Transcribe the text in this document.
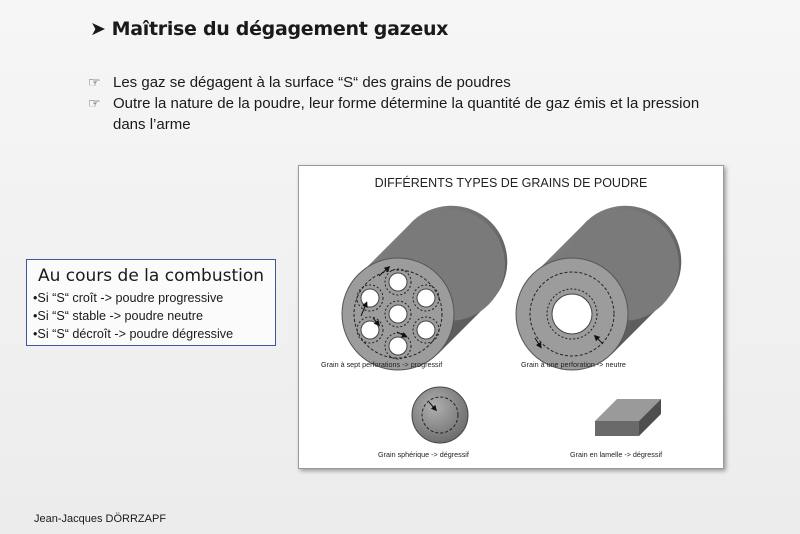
➤ Maîtrise du dégagement gazeux
☞ Les gaz se dégagent à la surface “S“ des grains de poudres
☞ Outre la nature de la poudre, leur forme détermine la quantité de gaz émis et la pression dans l’arme
Au cours de la combustion
• Si “S“ croît -> poudre progressive
• Si “S“ stable -> poudre neutre
• Si “S“ décroît -> poudre dégressive
DIFFÉRENTS TYPES DE GRAINS DE POUDRE
Grain à sept perforations -> progressif	Grain à une perforation -> neutre
Grain sphérique -> dégressif	Grain en lamelle -> dégressif
Jean-Jacques DÖRRZAPF
